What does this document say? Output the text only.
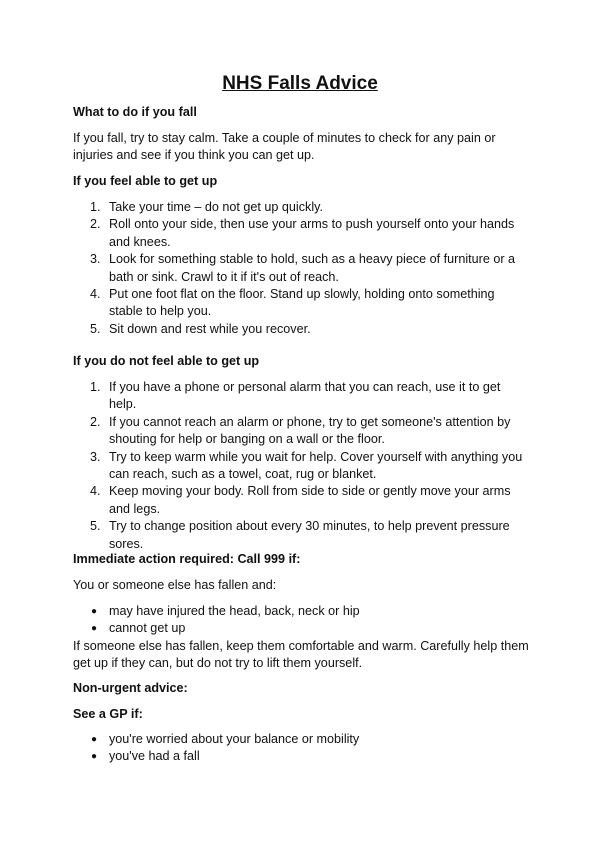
NHS Falls Advice
What to do if you fall
If you fall, try to stay calm. Take a couple of minutes to check for any pain or injuries and see if you think you can get up.
If you feel able to get up
1. Take your time – do not get up quickly.
2. Roll onto your side, then use your arms to push yourself onto your hands and knees.
3. Look for something stable to hold, such as a heavy piece of furniture or a bath or sink. Crawl to it if it's out of reach.
4. Put one foot flat on the floor. Stand up slowly, holding onto something stable to help you.
5. Sit down and rest while you recover.
If you do not feel able to get up
1. If you have a phone or personal alarm that you can reach, use it to get help.
2. If you cannot reach an alarm or phone, try to get someone's attention by shouting for help or banging on a wall or the floor.
3. Try to keep warm while you wait for help. Cover yourself with anything you can reach, such as a towel, coat, rug or blanket.
4. Keep moving your body. Roll from side to side or gently move your arms and legs.
5. Try to change position about every 30 minutes, to help prevent pressure sores.
Immediate action required: Call 999 if:
You or someone else has fallen and:
● may have injured the head, back, neck or hip
● cannot get up
If someone else has fallen, keep them comfortable and warm. Carefully help them get up if they can, but do not try to lift them yourself.
Non-urgent advice:
See a GP if:
● you're worried about your balance or mobility
● you've had a fall
